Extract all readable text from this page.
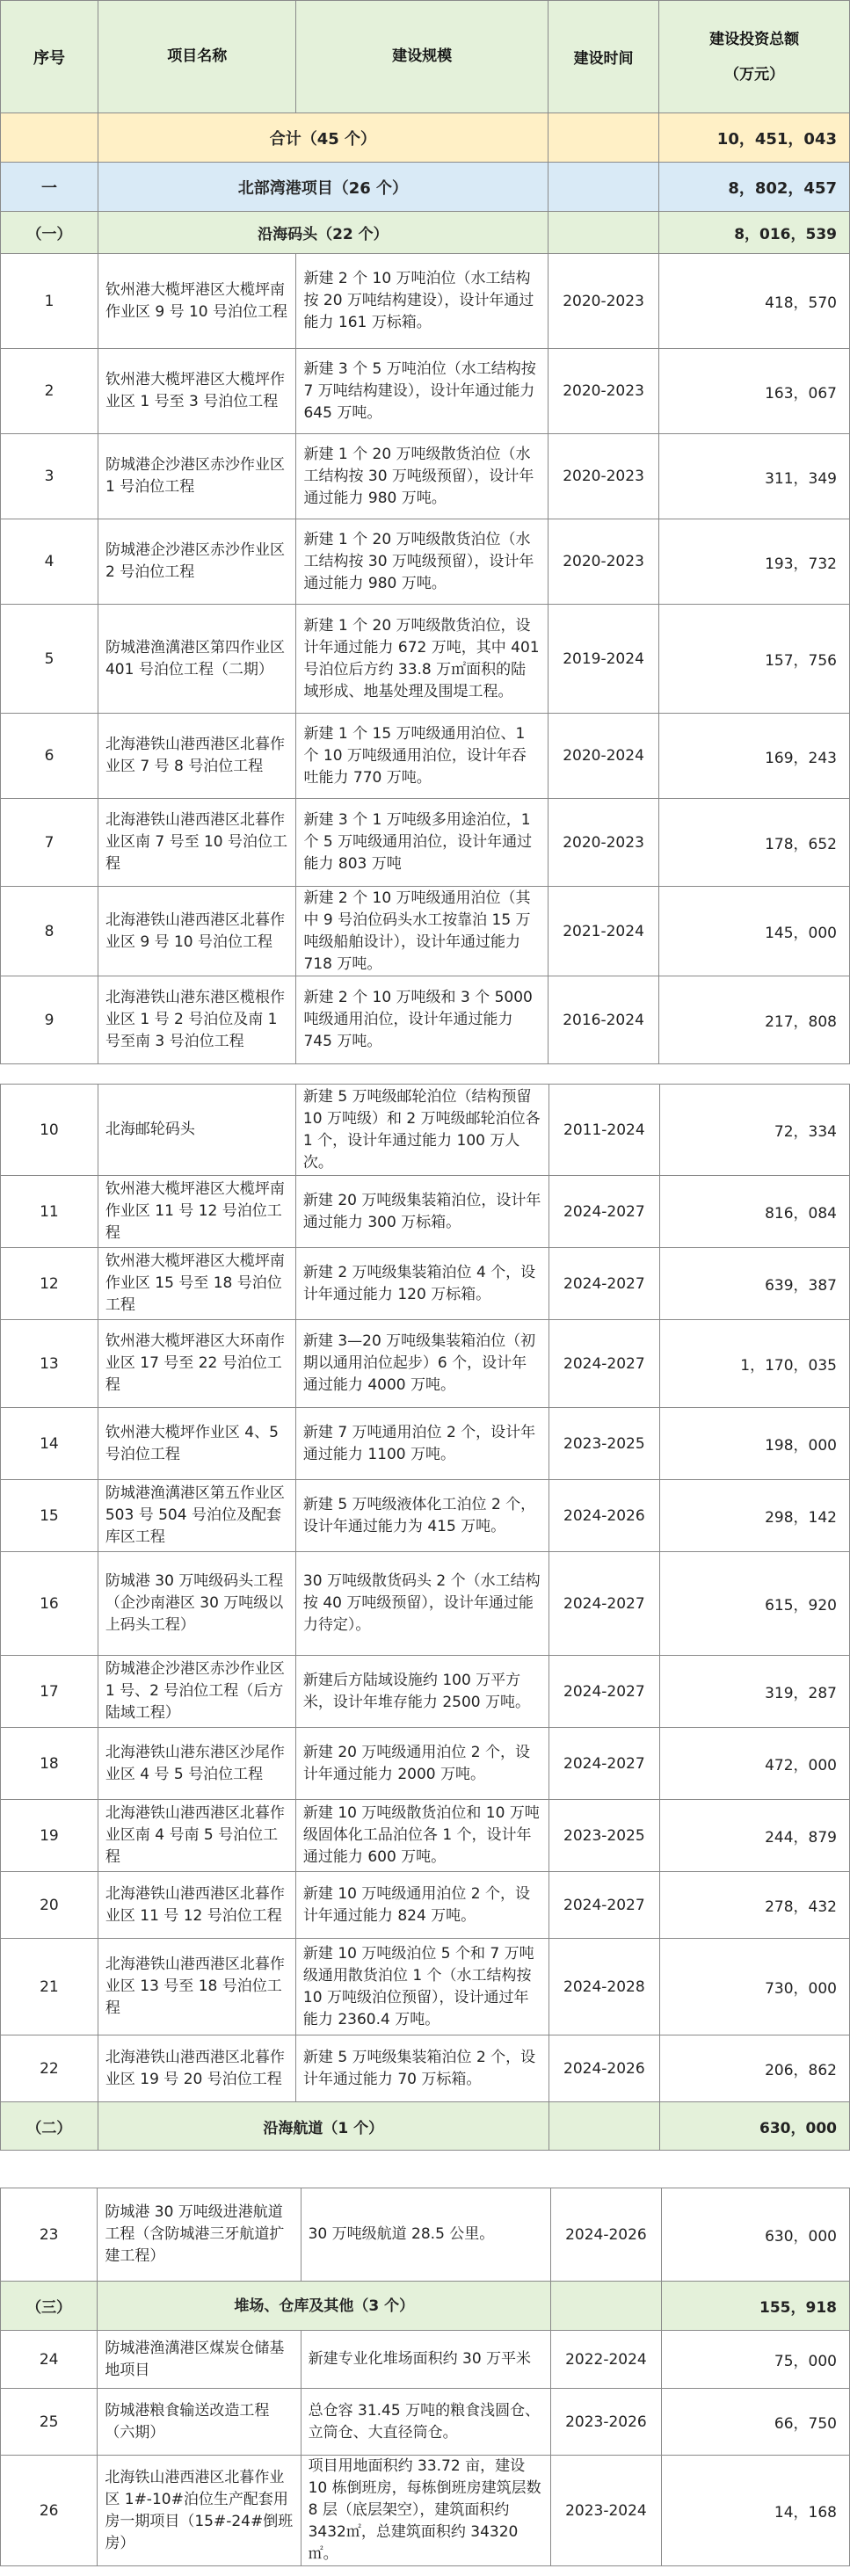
序号	项目名称	建设规模	建设时间	建设投资总额
（万元）

	合计（45 个）			10，451，043
一	北部湾港项目（26 个）			8，802，457
（一）	沿海码头（22 个）			8，016，539
1	钦州港大榄坪港区大榄坪南作业区 9 号 10 号泊位工程	新建 2 个 10 万吨泊位（水工结构按 20 万吨结构建设），设计年通过能力 161 万标箱。	2020-2023	418，570
2	钦州港大榄坪港区大榄坪作业区 1 号至 3 号泊位工程	新建 3 个 5 万吨泊位（水工结构按 7 万吨结构建设），设计年通过能力 645 万吨。	2020-2023	163，067
3	防城港企沙港区赤沙作业区 1 号泊位工程	新建 1 个 20 万吨级散货泊位（水工结构按 30 万吨级预留），设计年通过能力 980 万吨。	2020-2023	311，349
4	防城港企沙港区赤沙作业区 2 号泊位工程	新建 1 个 20 万吨级散货泊位（水工结构按 30 万吨级预留），设计年通过能力 980 万吨。	2020-2023	193，732
5	防城港渔澫港区第四作业区 401 号泊位工程（二期）	新建 1 个 20 万吨级散货泊位，设计年通过能力 672 万吨，其中 401 号泊位后方约 33.8 万㎡面积的陆域形成、地基处理及围堤工程。	2019-2024	157，756
6	北海港铁山港西港区北暮作业区 7 号 8 号泊位工程	新建 1 个 15 万吨级通用泊位、1 个 10 万吨级通用泊位，设计年吞吐能力 770 万吨。	2020-2024	169，243
7	北海港铁山港西港区北暮作业区南 7 号至 10 号泊位工程	新建 3 个 1 万吨级多用途泊位，1 个 5 万吨级通用泊位，设计年通过能力 803 万吨	2020-2023	178，652
8	北海港铁山港西港区北暮作业区 9 号 10 号泊位工程	新建 2 个 10 万吨级通用泊位（其中 9 号泊位码头水工按靠泊 15 万吨级船舶设计），设计年通过能力 718 万吨。	2021-2024	145，000
9	北海港铁山港东港区榄根作业区 1 号 2 号泊位及南 1 号至南 3 号泊位工程	新建 2 个 10 万吨级和 3 个 5000 吨级通用泊位，设计年通过能力 745 万吨。	2016-2024	217，808
10	北海邮轮码头	新建 5 万吨级邮轮泊位（结构预留 10 万吨级）和 2 万吨级邮轮泊位各 1 个，设计年通过能力 100 万人次。	2011-2024	72，334
11	钦州港大榄坪港区大榄坪南作业区 11 号 12 号泊位工程	新建 20 万吨级集装箱泊位，设计年通过能力 300 万标箱。	2024-2027	816，084
12	钦州港大榄坪港区大榄坪南作业区 15 号至 18 号泊位工程	新建 2 万吨级集装箱泊位 4 个，设计年通过能力 120 万标箱。	2024-2027	639，387
13	钦州港大榄坪港区大环南作业区 17 号至 22 号泊位工程	新建 3—20 万吨级集装箱泊位（初期以通用泊位起步）6 个，设计年通过能力 4000 万吨。	2024-2027	1，170，035
14	钦州港大榄坪作业区 4、5 号泊位工程	新建 7 万吨通用泊位 2 个，设计年通过能力 1100 万吨。	2023-2025	198，000
15	防城港渔澫港区第五作业区 503 号 504 号泊位及配套库区工程	新建 5 万吨级液体化工泊位 2 个，设计年通过能力为 415 万吨。	2024-2026	298，142
16	防城港 30 万吨级码头工程（企沙南港区 30 万吨级以上码头工程）	30 万吨级散货码头 2 个（水工结构按 40 万吨级预留），设计年通过能力待定）。	2024-2027	615，920
17	防城港企沙港区赤沙作业区 1 号、2 号泊位工程（后方陆域工程）	新建后方陆域设施约 100 万平方米，设计年堆存能力 2500 万吨。	2024-2027	319，287
18	北海港铁山港东港区沙尾作业区 4 号 5 号泊位工程	新建 20 万吨级通用泊位 2 个，设计年通过能力 2000 万吨。	2024-2027	472，000
19	北海港铁山港西港区北暮作业区南 4 号南 5 号泊位工程	新建 10 万吨级散货泊位和 10 万吨级固体化工品泊位各 1 个，设计年通过能力 600 万吨。	2023-2025	244，879
20	北海港铁山港西港区北暮作业区 11 号 12 号泊位工程	新建 10 万吨级通用泊位 2 个，设计年通过能力 824 万吨。	2024-2027	278，432
21	北海港铁山港西港区北暮作业区 13 号至 18 号泊位工程	新建 10 万吨级泊位 5 个和 7 万吨级通用散货泊位 1 个（水工结构按 10 万吨级泊位预留），设计通过年能力 2360.4 万吨。	2024-2028	730，000
22	北海港铁山港西港区北暮作业区 19 号 20 号泊位工程	新建 5 万吨级集装箱泊位 2 个，设计年通过能力 70 万标箱。	2024-2026	206，862
（二）	沿海航道（1 个）			630，000
23	防城港 30 万吨级进港航道工程（含防城港三牙航道扩建工程）	30 万吨级航道 28.5 公里。	2024-2026	630，000
（三）	堆场、仓库及其他（3 个）			155，918
24	防城港渔澫港区煤炭仓储基地项目	新建专业化堆场面积约 30 万平米	2022-2024	75，000
25	防城港粮食输送改造工程（六期）	总仓容 31.45 万吨的粮食浅圆仓、立筒仓、大直径筒仓。	2023-2026	66，750
26	北海铁山港西港区北暮作业区 1#-10#泊位生产配套用房一期项目（15#-24#倒班房）	项目用地面积约 33.72 亩，建设 10 栋倒班房，每栋倒班房建筑层数 8 层（底层架空），建筑面积约 3432㎡，总建筑面积约 34320㎡。	2023-2024	14，168
